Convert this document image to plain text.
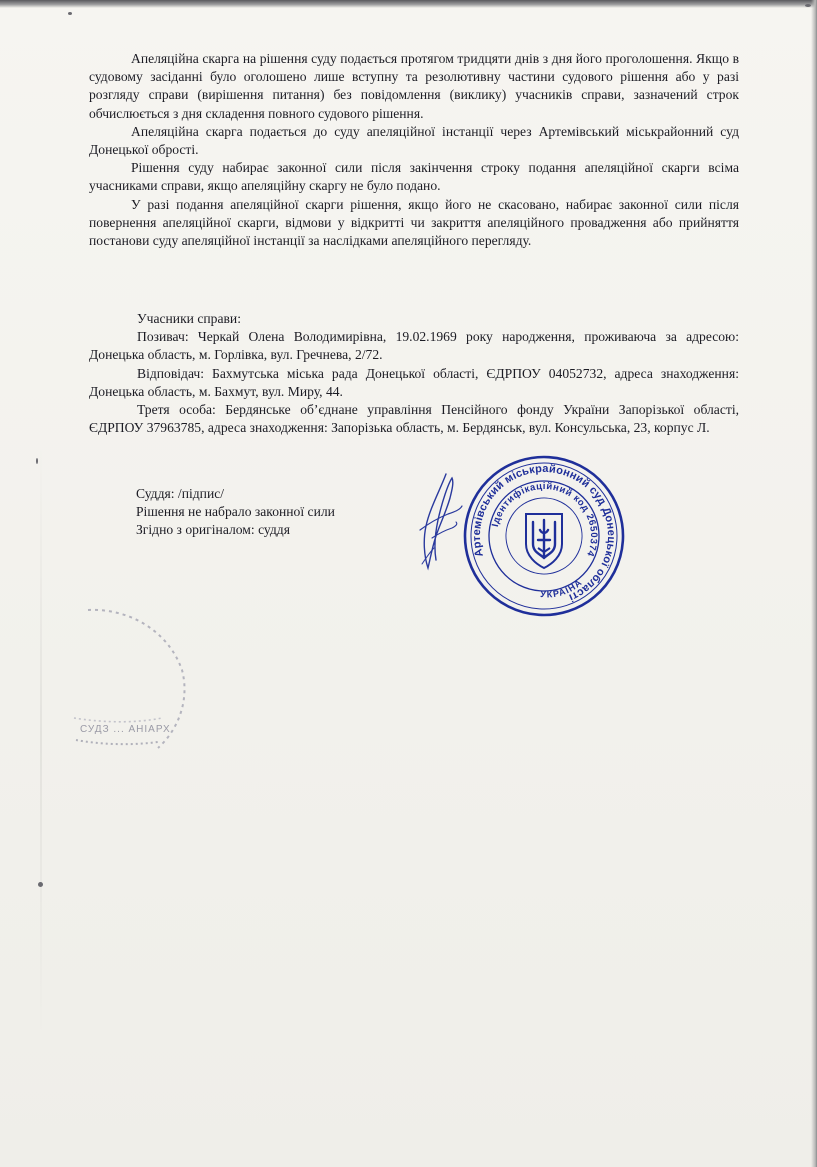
Апеляційна скарга на рішення суду подається протягом тридцяти днів з дня його проголошення. Якщо в судовому засіданні було оголошено лише вступну та резолютивну частини судового рішення або у разі розгляду справи (вирішення питання) без повідомлення (виклику) учасників справи, зазначений строк обчислюється з дня складення повного судового рішення.

Апеляційна скарга подається до суду апеляційної інстанції через Артемівський міськрайонний суд Донецької обрості.

Рішення суду набирає законної сили після закінчення строку подання апеляційної скарги всіма учасниками справи, якщо апеляційну скаргу не було подано.

У разі подання апеляційної скарги рішення, якщо його не скасовано, набирає законної сили після повернення апеляційної скарги, відмови у відкритті чи закриття апеляційного провадження або прийняття постанови суду апеляційної інстанції за наслідками апеляційного перегляду.

Учасники справи:

Позивач: Черкай Олена Володимирівна, 19.02.1969 року народження, проживаюча за адресою: Донецька область, м. Горлівка, вул. Гречнева, 2/72.

Відповідач: Бахмутська міська рада Донецької області, ЄДРПОУ 04052732, адреса знаходження: Донецька область, м. Бахмут, вул. Миру, 44.

Третя особа: Бердянське об’єднане управління Пенсійного фонду України Запорізької області, ЄДРПОУ 37963785, адреса знаходження: Запорізька область, м. Бердянськ, вул. Консульська, 23, корпус Л.

Суддя: /підпис/
Рішення не набрало законної сили
Згідно з оригіналом: суддя
Артемівський міськрайонний суд Донецької області
Ідентифікаційний код 2650374
УКРАЇНА
СУДЗ ... АНІАРХ
